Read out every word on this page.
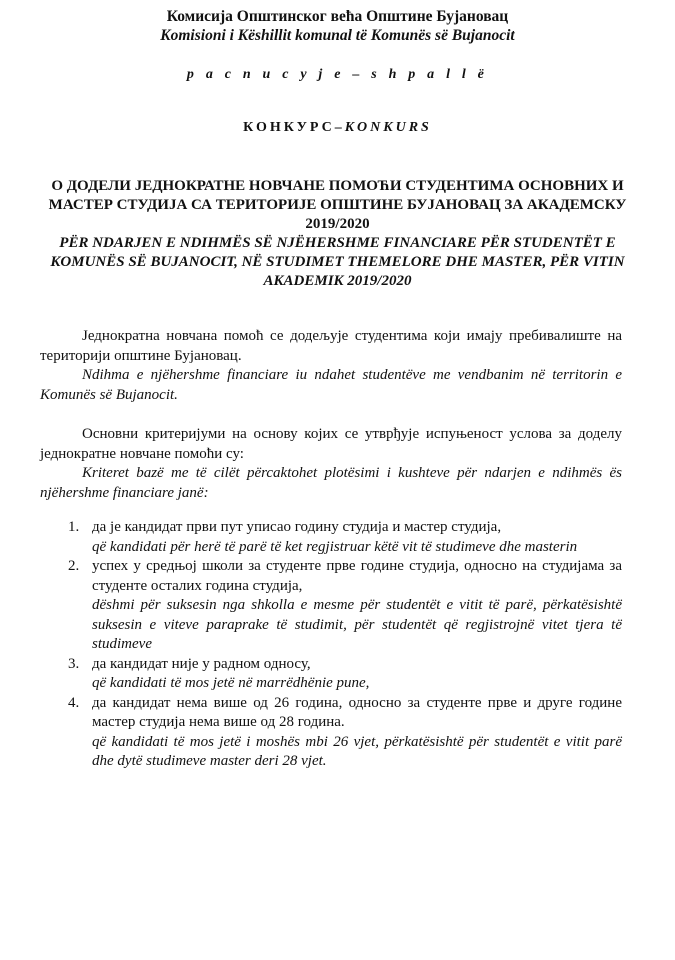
Комисија Општинског већа Општине Бујановац
Komisioni i Këshillit komunal të Komunës së Bujanocit
р а с п и с у ј е – s h p a l l ë
КОНКУРС–KONKURS
О ДОДЕЛИ ЈЕДНОКРАТНЕ НОВЧАНЕ ПОМОЋИ СТУДЕНТИМА ОСНОВНИХ И МАСТЕР СТУДИЈА СА ТЕРИТОРИЈЕ ОПШТИНЕ БУЈАНОВАЦ ЗА АКАДЕМСКУ 2019/2020
PËR NDARJEN E NDIHMËS SË NJËHERSHME FINANCIARE PËR STUDENTËT E KOMUNËS SË BUJANOCIT, NË STUDIMET THEMELORE DHE MASTER, PËR VITIN AKADEMIK 2019/2020
Једнократна новчана помоћ се додељује студентима који имају пребивалиште на територији општине Бујановац.
Ndihma e njëhershme financiare iu ndahet studentëve me vendbanim në territorin e Komunës së Bujanocit.
Основни критеријуми на основу којих се утврђује испуњеност услова за доделу једнократне новчане помоћи су:
Kriteret bazë me të cilët përcaktohet plotësimi i kushteve për ndarjen e ndihmës ës njëhershme financiare janë:
1. да је кандидат први пут уписао годину студија и мастер студија,
që kandidati për herë të parë të ket regjistruar këtë vit të studimeve dhe masterin
2. успех у средњој школи за студенте прве године студија, односно на студијама за студенте осталих година студија,
dëshmi për suksesin nga shkolla e mesme për studentët e vitit të parë, përkatësishtë suksesin e viteve paraprake të studimit, për studentët që regjistrojnë vitet tjera të studimeve
3. да кандидат није у радном односу,
që kandidati të mos jetë në marrëdhënie pune,
4. да кандидат нема више од 26 година, односно за студенте прве и друге године мастер студија нема више од 28 година.
që kandidati të mos jetë i moshës mbi 26 vjet, përkatësishtë për studentët e vitit parë dhe dytë studimeve master deri 28 vjet.
